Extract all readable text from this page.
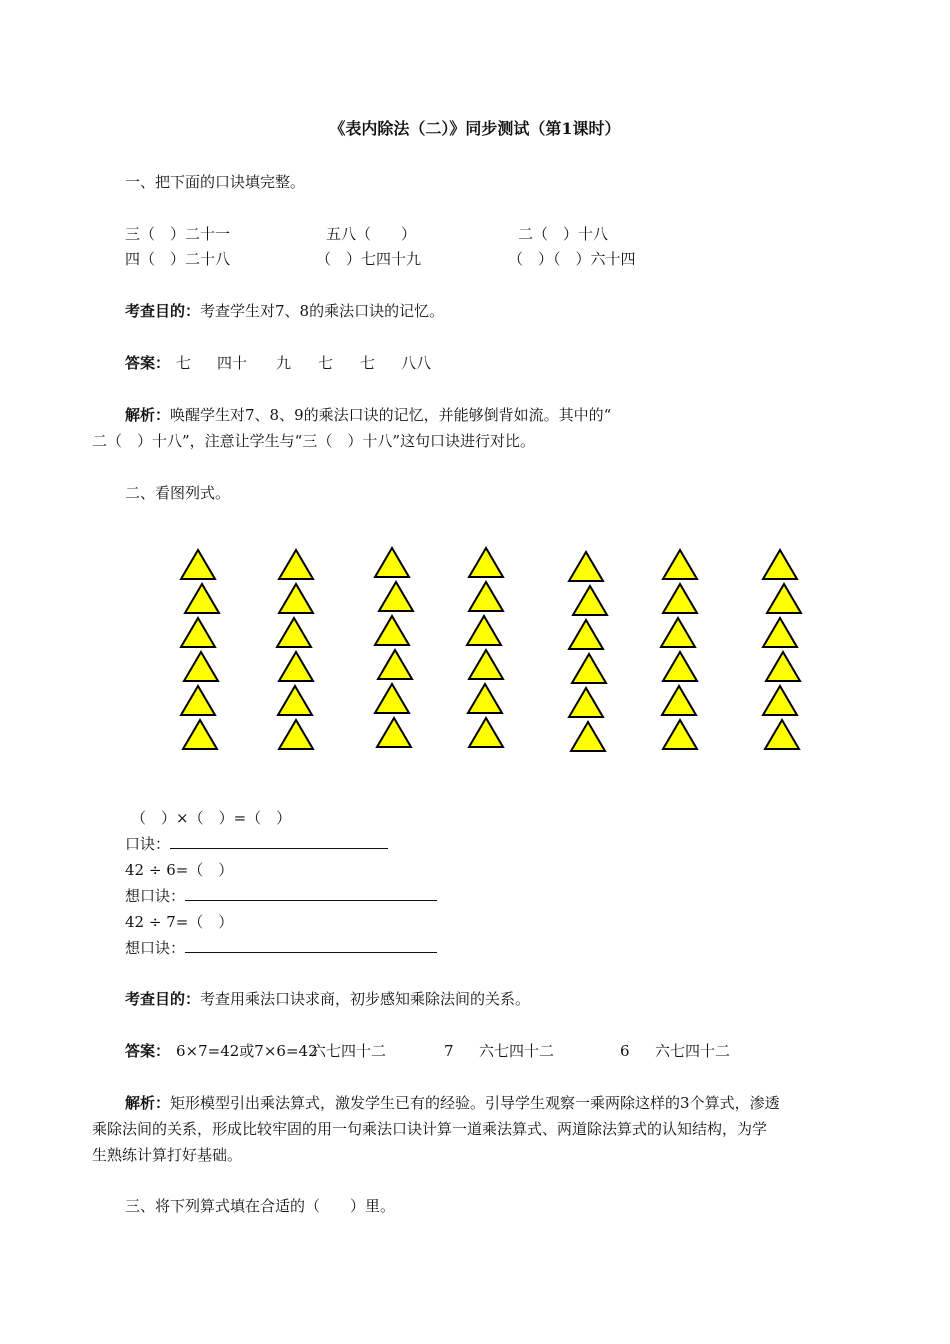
《表内除法（二）》同步测试（第1课时）
一、把下面的口诀填完整。
三（　）二十一	五八（　　）	二（　）十八
四（　）二十八	（　）七四十九	（　）（　）六十四
考查目的：考查学生对7、8的乘法口诀的记忆。
答案： 七 四十 九 七 七 八八
解析：唤醒学生对7、8、9的乘法口诀的记忆，并能够倒背如流。其中的“
二（　）十八”，注意让学生与“三（　）十八”这句口诀进行对比。
二、看图列式。
（　）×（　）=（　）
口诀：
42 ÷ 6=（　）
想口诀：
42 ÷ 7=（　）
想口诀：
考查目的：考查用乘法口诀求商，初步感知乘除法间的关系。
答案： 6×7=42或7×6=42
六七四十二	7 六七四十二	6 六七四十二
解析：矩形模型引出乘法算式，激发学生已有的经验。引导学生观察一乘两除这样的3个算式，渗透
乘除法间的关系，形成比较牢固的用一句乘法口诀计算一道乘法算式、两道除法算式的认知结构，为学
生熟练计算打好基础。
三、将下列算式填在合适的（　　）里。
